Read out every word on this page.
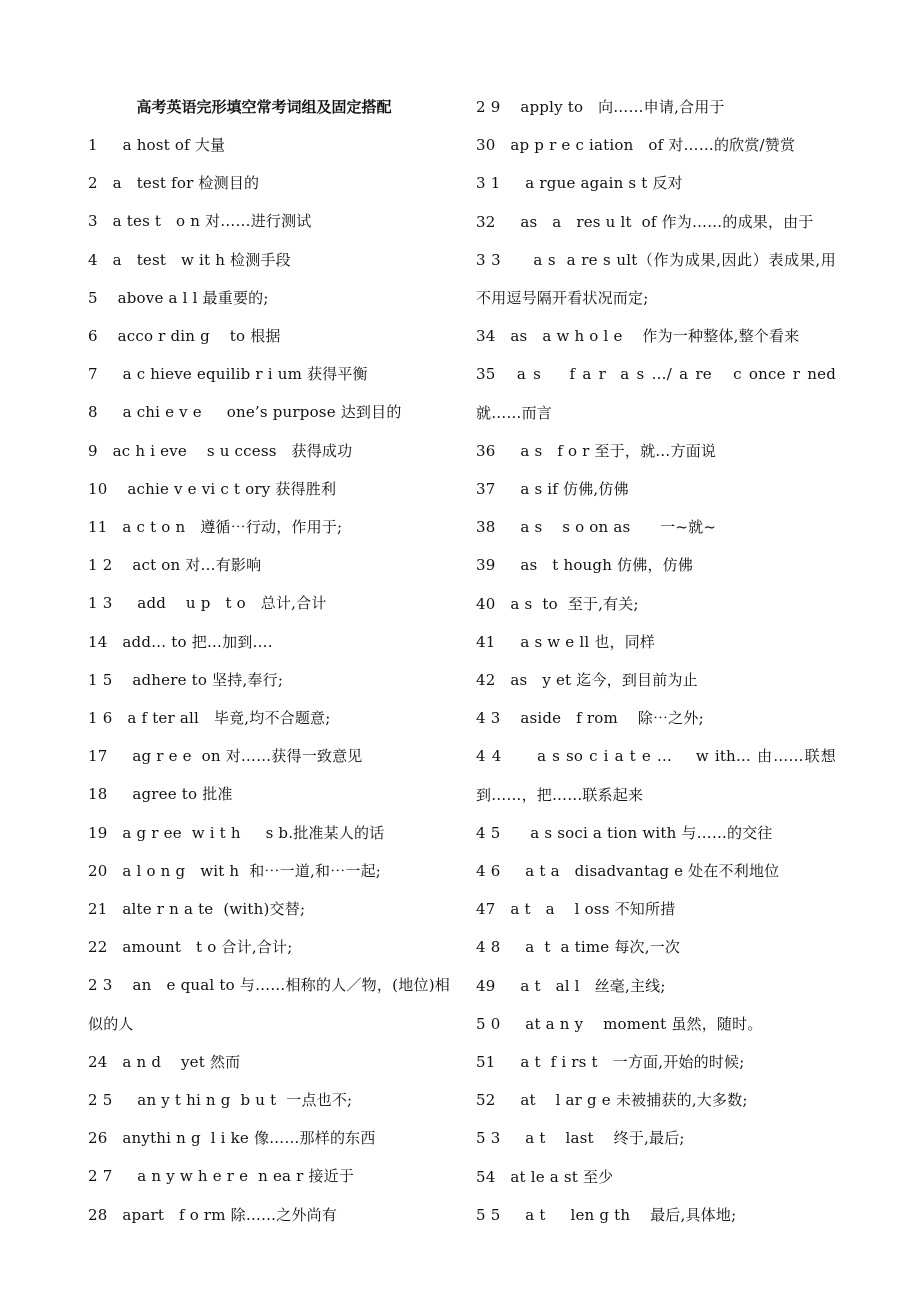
高考英语完形填空常考词组及固定搭配
1     a host of 大量
2   a   test for 检测目的
3   a tes t   o n 对……进行测试
4   a   test   w it h 检测手段
5    above a l l 最重要的;
6    acco r din g    to 根据
7     a c hieve equilib r i um 获得平衡
8     a chi e v e     one’s purpose 达到目的
9   ac h i eve    s u ccess   获得成功
10    achie v e vi c t ory 获得胜利
11   a c t o n   遵循⋯行动，作用于;
1 2    act on 对…有影响
1 3     add    u p   t o   总计,合计
14   add… to 把…加到….
1 5    adhere to 坚持,奉行;
1 6   a f ter all   毕竟,均不合题意;
17     ag r e e  on 对……获得一致意见
18     agree to 批准
19   a g r ee  w i t h     s b.批准某人的话
20   a l o n g   wit h  和⋯一道,和⋯一起;
21   alte r n a te  (with)交替;
22   amount   t o 合计,合计;
2 3    an   e qual to 与……相称的人／物，(地位)相似的人
24   a n d    yet 然而
2 5     an y t hi n g  b u t  一点也不;
26   anythi n g  l i ke 像……那样的东西
2 7     a n y w h e r e  n ea r 接近于
28   apart   f o rm 除……之外尚有
2 9    apply to   向……申请,合用于
30   ap p r e c iation   of 对……的欣赏/赞赏
3 1     a rgue again s t 反对
32     as   a   res u lt  of 作为……的成果，由于
3 3      a s  a re s ult（作为成果,因此）表成果,用不用逗号隔开看状况而定;
34   as   a w h o l e    作为一种整体,整个看来
35   a s    f a r  a s …/ a re   c once r ned 就……而言
36     a s   f o r 至于，就…方面说
37     a s if 仿佛,仿佛
38     a s    s o on as      一~就~
39     as   t hough 仿佛，仿佛
40   a s  to  至于,有关;
41     a s w e ll 也，同样
42   as   y et 迄今，到目前为止
4 3    aside   f rom    除⋯之外;
4 4      a s so c i a t e …    w ith… 由……联想到……，把……联系起来
4 5      a s soci a tion with 与……的交往
4 6     a t a   disadvantag e 处在不利地位
47   a t   a    l oss 不知所措
4 8     a  t  a time 每次,一次
49     a t   al l   丝毫,主线;
5 0     at a n y    moment 虽然，随时。
51     a t  f i rs t   一方面,开始的时候;
52     at    l ar g e 未被捕获的,大多数;
5 3     a t    last    终于,最后;
54   at le a st 至少
5 5     a t     len g th    最后,具体地;
